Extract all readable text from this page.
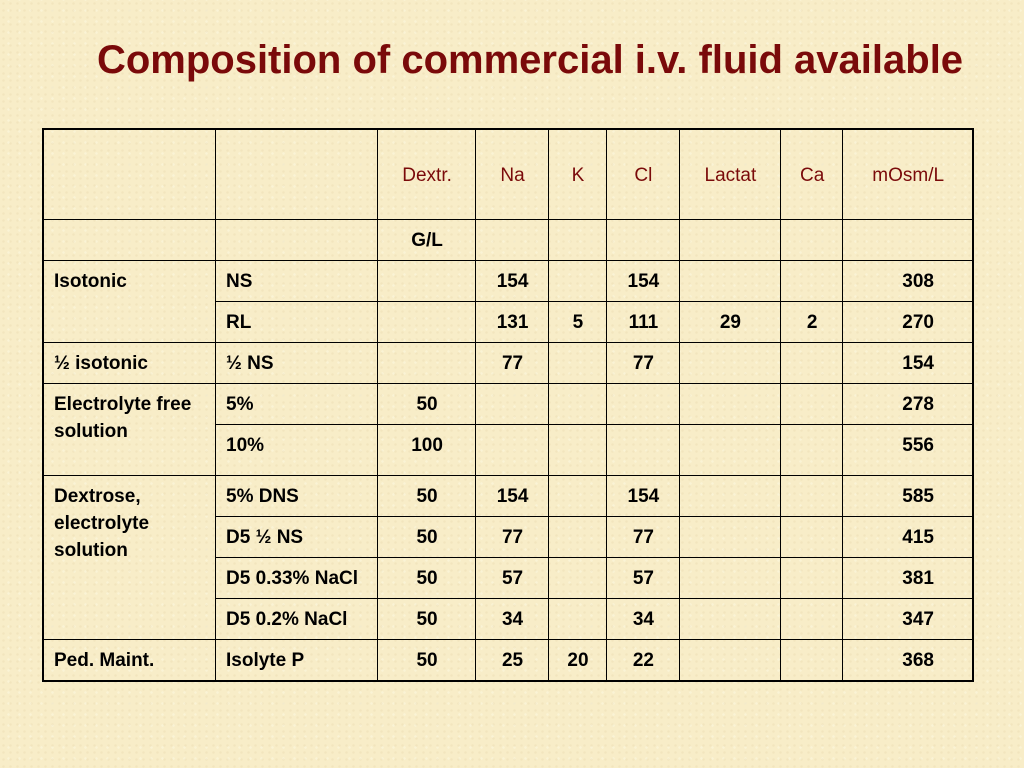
Composition of commercial i.v. fluid available
		Dextr.	Na	K	Cl	Lactat	Ca	mOsm/L
		G/L						
Isotonic	NS		154		154			308
	RL		131	5	111	29	2	270
½ isotonic	½ NS		77		77			154
Electrolyte free solution	5%	50						278
	10%	100						556
Dextrose, electrolyte solution	5% DNS	50	154		154			585
	D5 ½ NS	50	77		77			415
	D5 0.33% NaCl	50	57		57			381
	D5 0.2% NaCl	50	34		34			347
Ped. Maint.	Isolyte P	50	25	20	22			368
